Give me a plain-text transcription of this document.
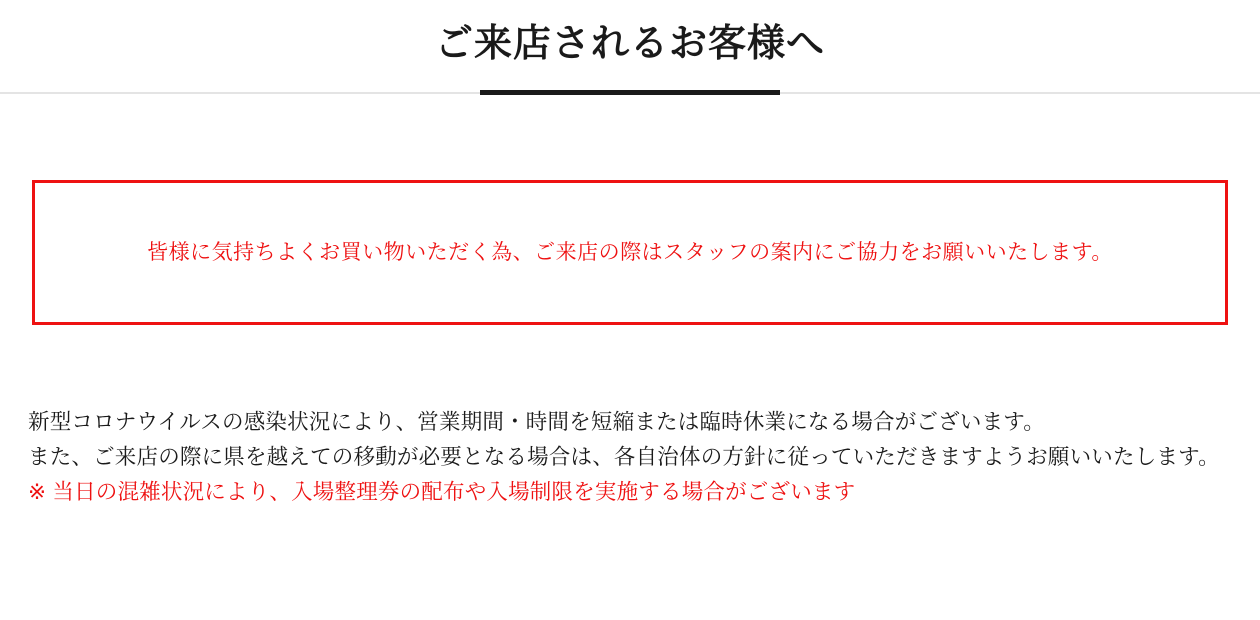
ご来店されるお客様へ

皆様に気持ちよくお買い物いただく為、ご来店の際はスタッフの案内にご協力をお願いいたします。

新型コロナウイルスの感染状況により、営業期間・時間を短縮または臨時休業になる場合がございます。

また、ご来店の際に県を越えての移動が必要となる場合は、各自治体の方針に従っていただきますようお願いいたします。

※ 当日の混雑状況により、入場整理券の配布や入場制限を実施する場合がございます
